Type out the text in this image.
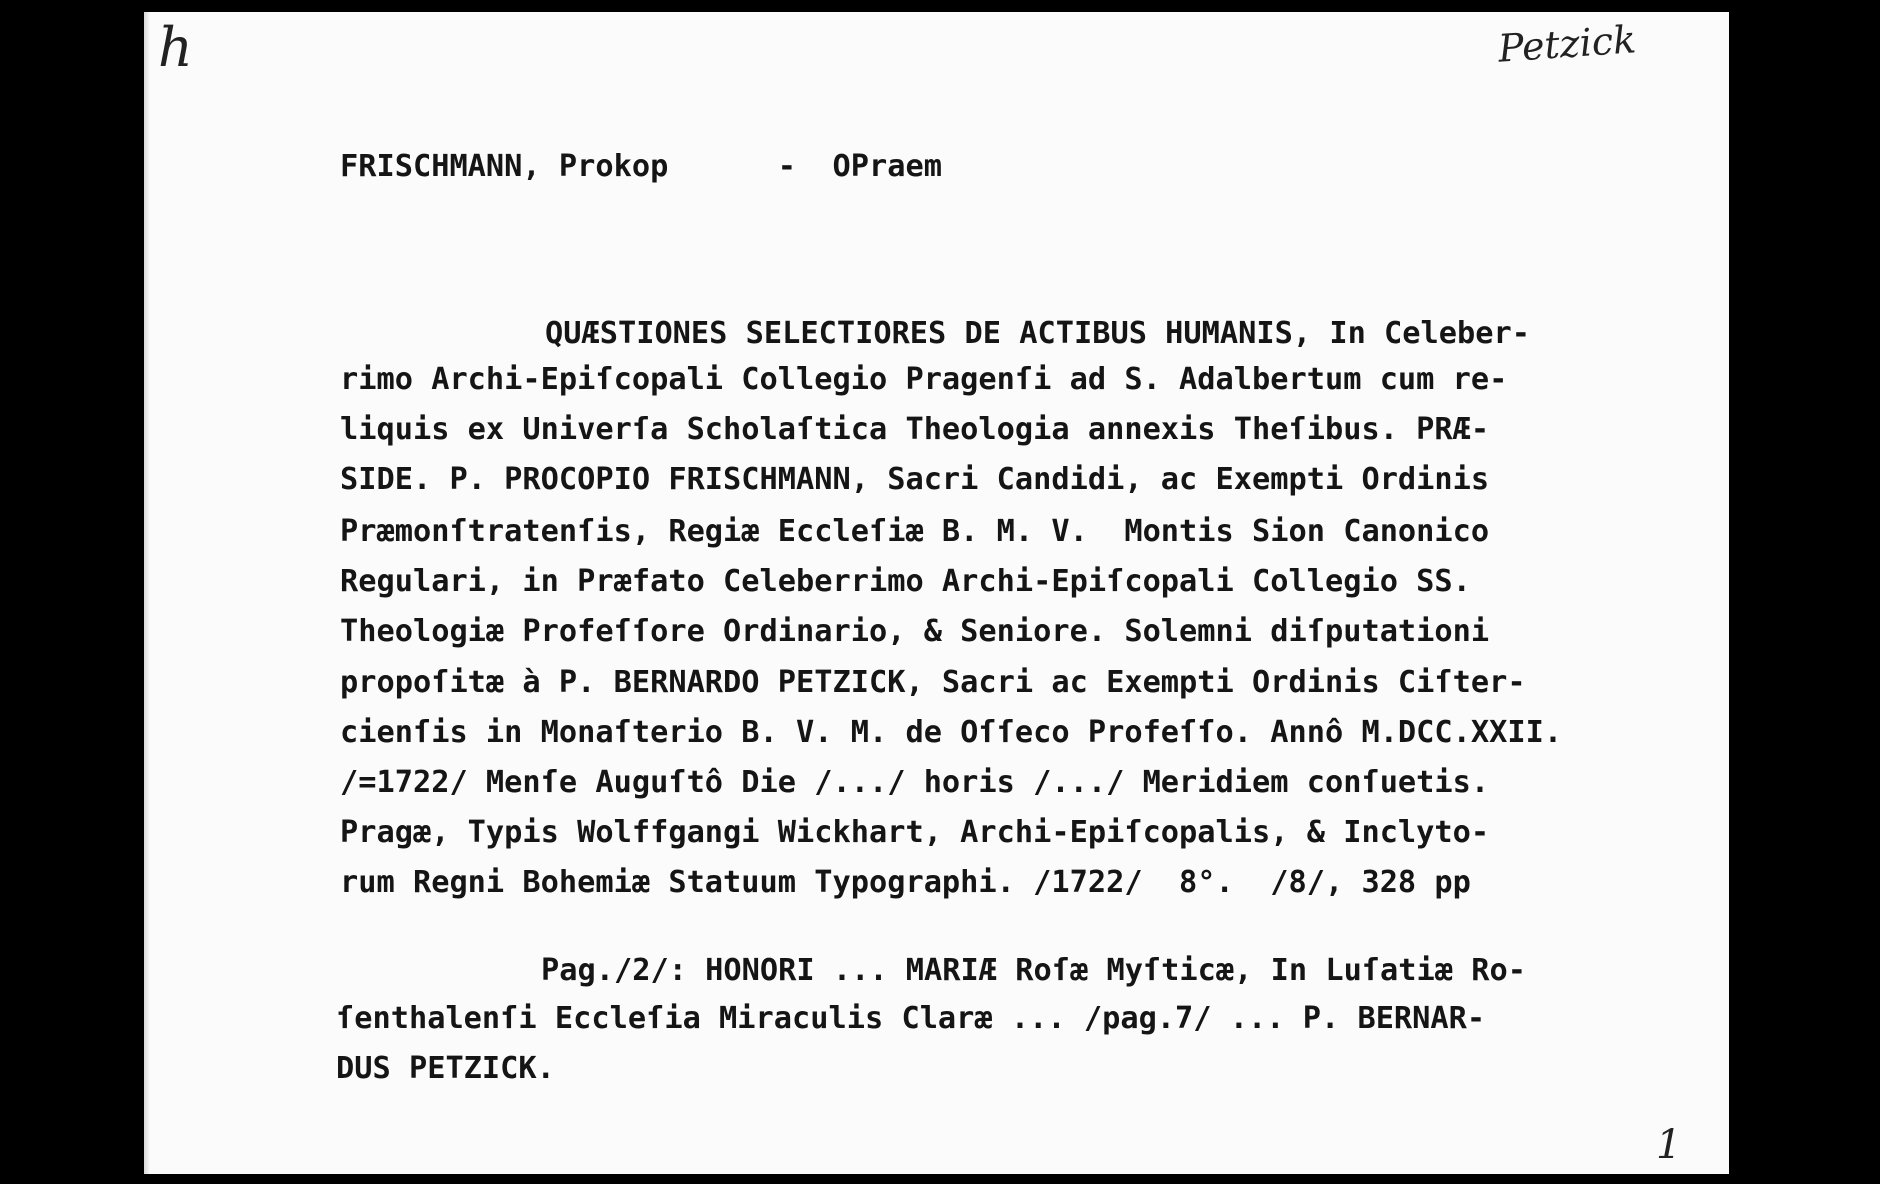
h	Petzick
FRISCHMANN, Prokop      -  OPraem
QUÆSTIONES SELECTIORES DE ACTIBUS HUMANIS, In Celeber-
rimo Archi-Epiſcopali Collegio Pragenſi ad S. Adalbertum cum re-
liquis ex Univerſa Scholaſtica Theologia annexis Theſibus. PRÆ-
SIDE. P. PROCOPIO FRISCHMANN, Sacri Candidi, ac Exempti Ordinis
Præmonſtratenſis, Regiæ Eccleſiæ B. M. V.  Montis Sion Canonico
Regulari, in Præfato Celeberrimo Archi-Epiſcopali Collegio SS.
Theologiæ Profeſſore Ordinario, & Seniore. Solemni diſputationi
propoſitæ à P. BERNARDO PETZICK, Sacri ac Exempti Ordinis Ciſter-
cienſis in Monaſterio B. V. M. de Oſſeco Profeſſo. Annô M.DCC.XXII.
/=1722/ Menſe Auguſtô Die /.../ horis /.../ Meridiem conſuetis.
Pragæ, Typis Wolffgangi Wickhart, Archi-Epiſcopalis, & Inclyto-
rum Regni Bohemiæ Statuum Typographi. /1722/  8°.  /8/, 328 pp
Pag./2/: HONORI ... MARIÆ Roſæ Myſticæ, In Luſatiæ Ro-
ſenthalenſi Eccleſia Miraculis Claræ ... /pag.7/ ... P. BERNAR-
DUS PETZICK.
1
